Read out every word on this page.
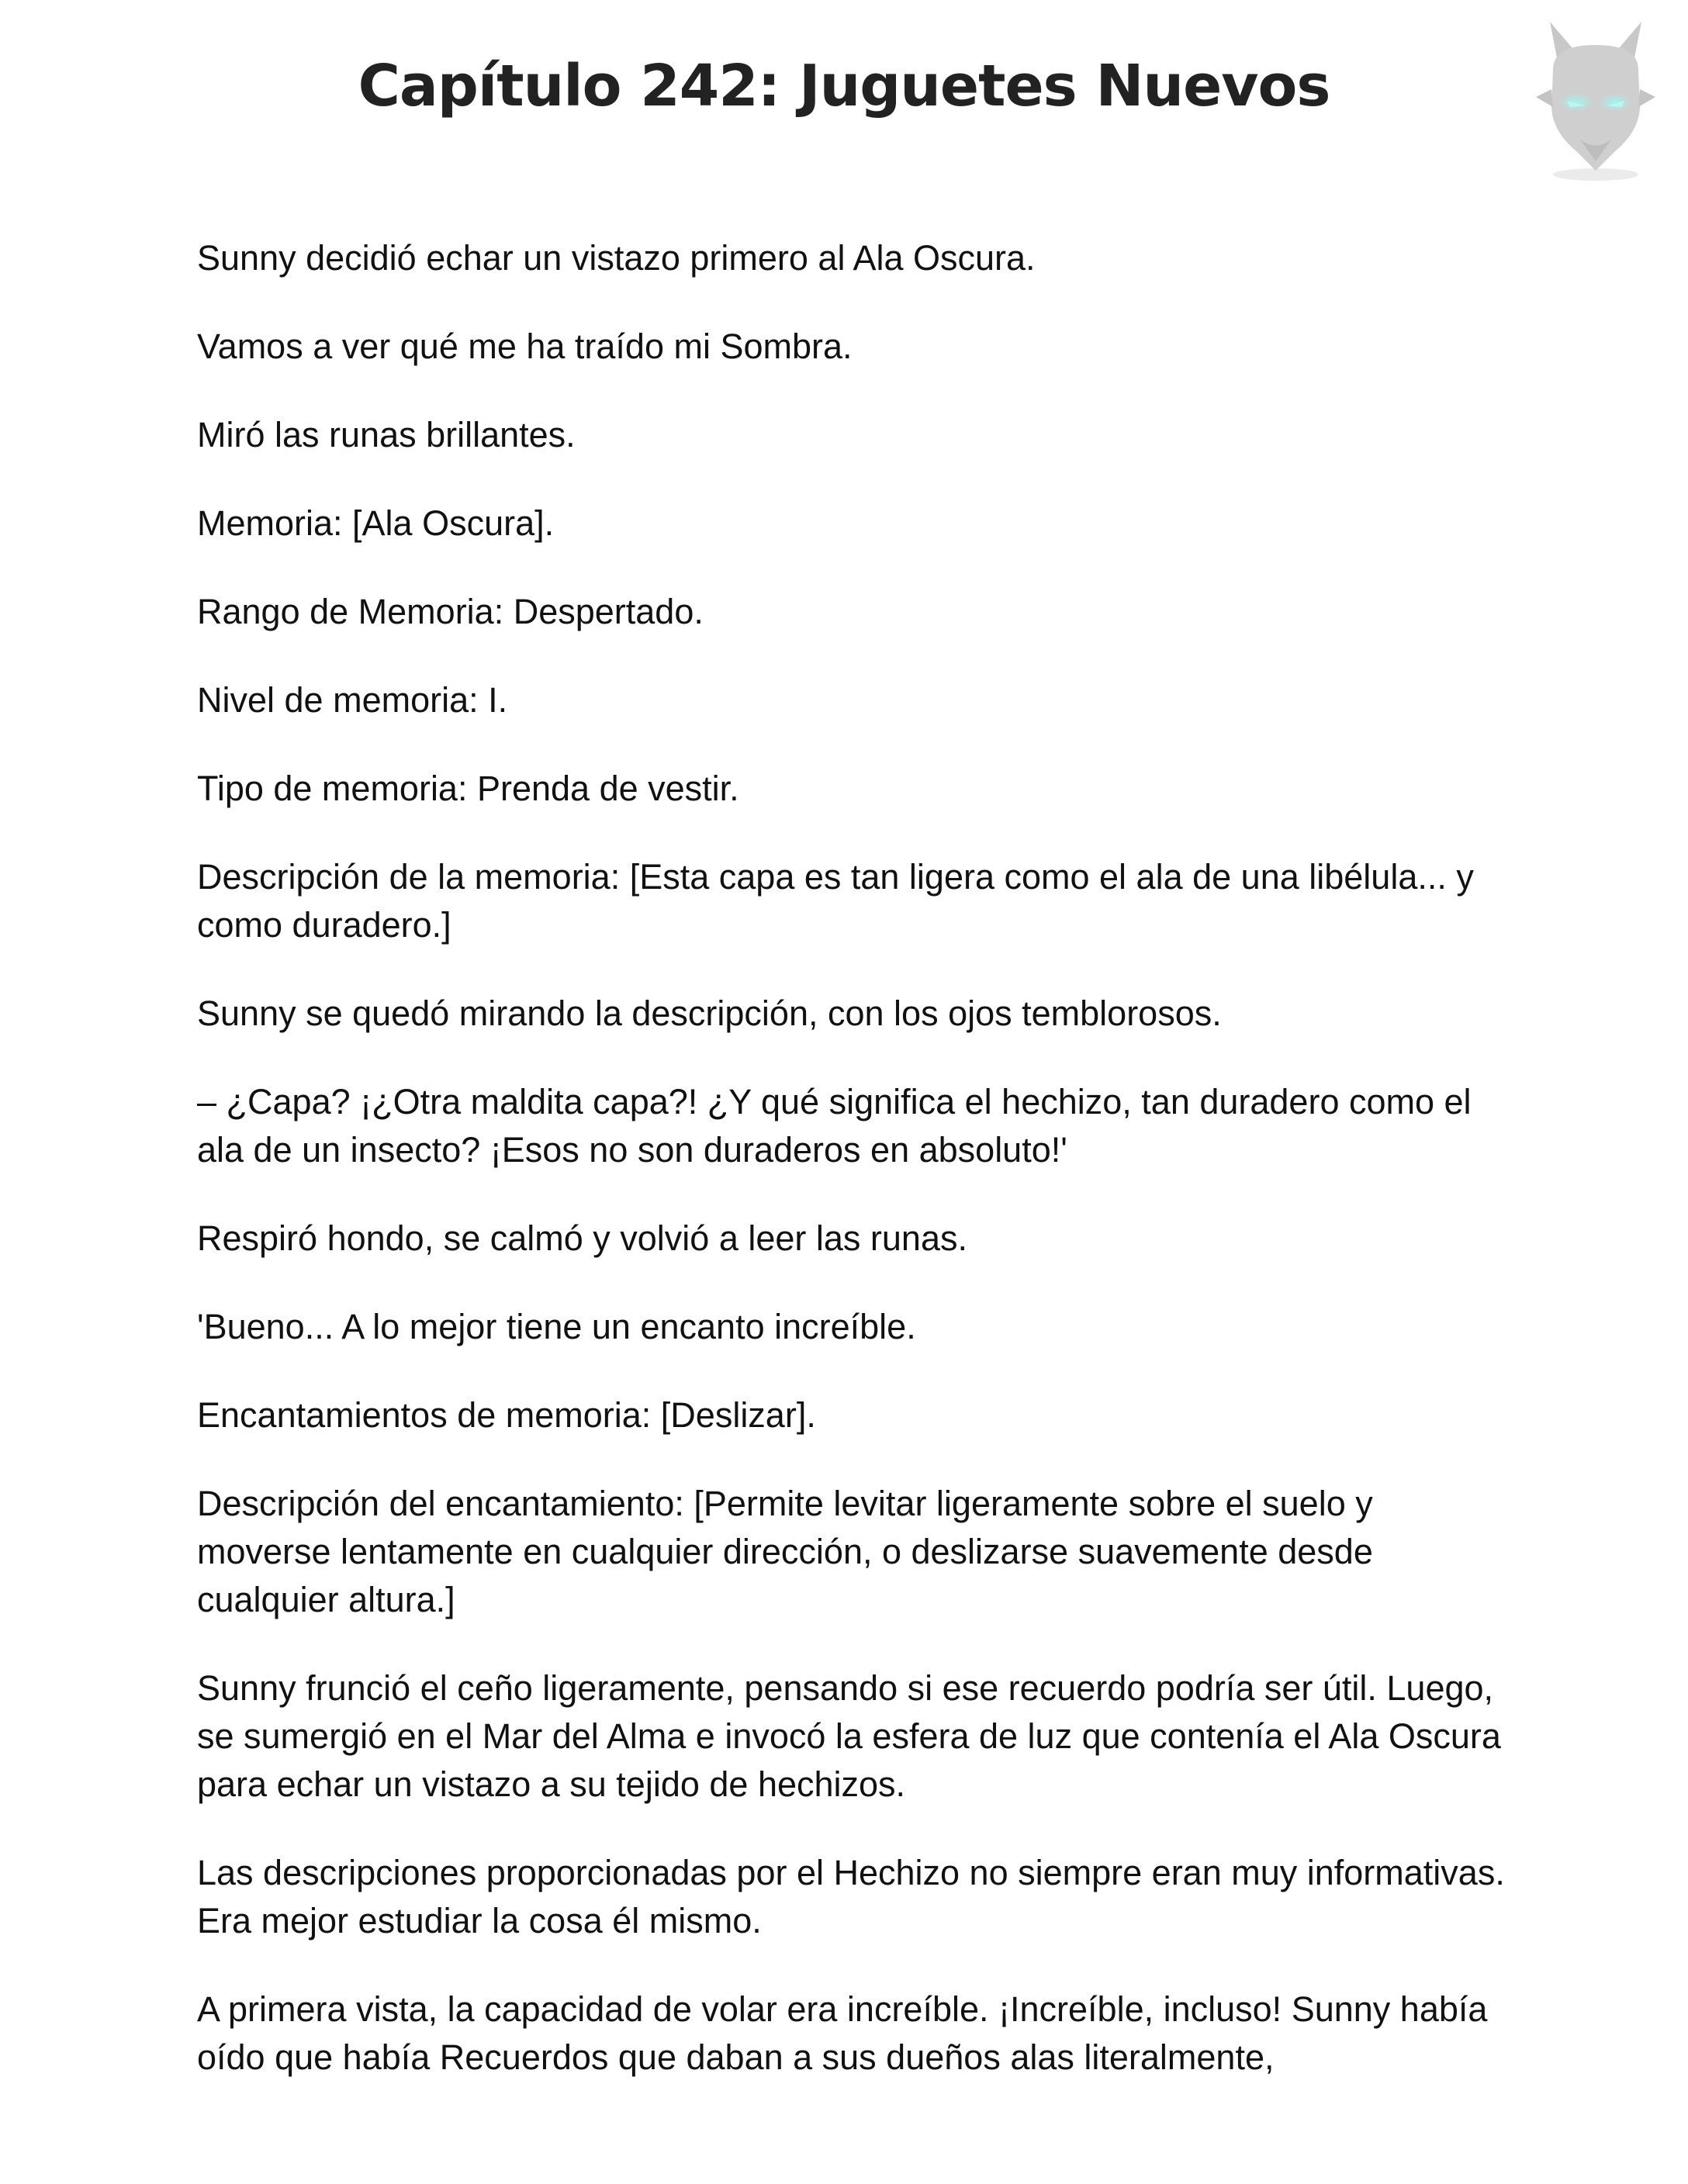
Capítulo 242: Juguetes Nuevos

Sunny decidió echar un vistazo primero al Ala Oscura.

Vamos a ver qué me ha traído mi Sombra.

Miró las runas brillantes.

Memoria: [Ala Oscura].

Rango de Memoria: Despertado.

Nivel de memoria: I.

Tipo de memoria: Prenda de vestir.

Descripción de la memoria: [Esta capa es tan ligera como el ala de una libélula... y como duradero.]

Sunny se quedó mirando la descripción, con los ojos temblorosos.

– ¿Capa? ¡¿Otra maldita capa?! ¿Y qué significa el hechizo, tan duradero como el ala de un insecto? ¡Esos no son duraderos en absoluto!'

Respiró hondo, se calmó y volvió a leer las runas.

'Bueno... A lo mejor tiene un encanto increíble.

Encantamientos de memoria: [Deslizar].

Descripción del encantamiento: [Permite levitar ligeramente sobre el suelo y moverse lentamente en cualquier dirección, o deslizarse suavemente desde cualquier altura.]

Sunny frunció el ceño ligeramente, pensando si ese recuerdo podría ser útil. Luego, se sumergió en el Mar del Alma e invocó la esfera de luz que contenía el Ala Oscura para echar un vistazo a su tejido de hechizos.

Las descripciones proporcionadas por el Hechizo no siempre eran muy informativas. Era mejor estudiar la cosa él mismo.

A primera vista, la capacidad de volar era increíble. ¡Increíble, incluso! Sunny había oído que había Recuerdos que daban a sus dueños alas literalmente,
